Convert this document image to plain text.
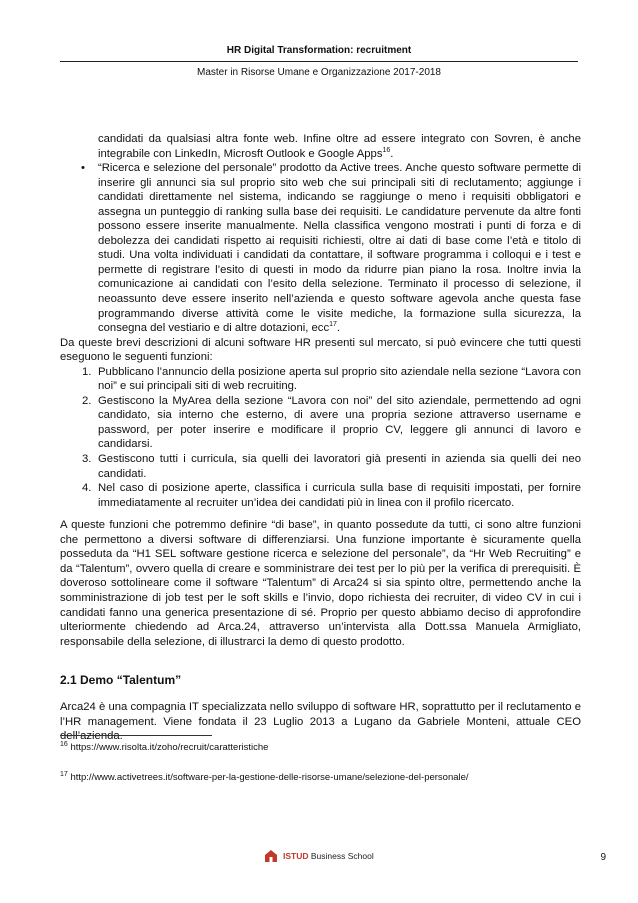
HR Digital Transformation: recruitment
Master in Risorse Umane e Organizzazione 2017-2018

candidati da qualsiasi altra fonte web. Infine oltre ad essere integrato con Sovren, è anche integrabile con LinkedIn, Microsft Outlook e Google Apps$^{16}$.

• “Ricerca e selezione del personale” prodotto da Active trees. Anche questo software permette di inserire gli annunci sia sul proprio sito web che sui principali siti di reclutamento; aggiunge i candidati direttamente nel sistema, indicando se raggiunge o meno i requisiti obbligatori e assegna un punteggio di ranking sulla base dei requisiti. Le candidature pervenute da altre fonti possono essere inserite manualmente. Nella classifica vengono mostrati i punti di forza e di debolezza dei candidati rispetto ai requisiti richiesti, oltre ai dati di base come l’età e titolo di studi. Una volta individuati i candidati da contattare, il software programma i colloqui e i test e permette di registrare l’esito di questi in modo da ridurre pian piano la rosa. Inoltre invia la comunicazione ai candidati con l’esito della selezione. Terminato il processo di selezione, il neoassunto deve essere inserito nell’azienda e questo software agevola anche questa fase programmando diverse attività come le visite mediche, la formazione sulla sicurezza, la consegna del vestiario e di altre dotazioni, ecc$^{17}$.

Da queste brevi descrizioni di alcuni software HR presenti sul mercato, si può evincere che tutti questi eseguono le seguenti funzioni:

1. Pubblicano l’annuncio della posizione aperta sul proprio sito aziendale nella sezione “Lavora con noi” e sui principali siti di web recruiting.
2. Gestiscono la MyArea della sezione “Lavora con noi” del sito aziendale, permettendo ad ogni candidato, sia interno che esterno, di avere una propria sezione attraverso username e password, per poter inserire e modificare il proprio CV, leggere gli annunci di lavoro e candidarsi.
3. Gestiscono tutti i curricula, sia quelli dei lavoratori già presenti in azienda sia quelli dei neo candidati.
4. Nel caso di posizione aperte, classifica i curricula sulla base di requisiti impostati, per fornire immediatamente al recruiter un’idea dei candidati più in linea con il profilo ricercato.

A queste funzioni che potremmo definire “di base”, in quanto possedute da tutti, ci sono altre funzioni che permettono a diversi software di differenziarsi. Una funzione importante è sicuramente quella posseduta da “H1 SEL software gestione ricerca e selezione del personale”, da “Hr Web Recruiting” e da “Talentum”, ovvero quella di creare e somministrare dei test per lo più per la verifica di prerequisiti. È doveroso sottolineare come il software “Talentum” di Arca24 si sia spinto oltre, permettendo anche la somministrazione di job test per le soft skills e l’invio, dopo richiesta dei recruiter, di video CV in cui i candidati fanno una generica presentazione di sé. Proprio per questo abbiamo deciso di approfondire ulteriormente chiedendo ad Arca.24, attraverso un’intervista alla Dott.ssa Manuela Armigliato, responsabile della selezione, di illustrarci la demo di questo prodotto.

2.1 Demo “Talentum”

Arca24 è una compagnia IT specializzata nello sviluppo di software HR, soprattutto per il reclutamento e l’HR management. Viene fondata il 23 Luglio 2013 a Lugano da Gabriele Monteni, attuale CEO dell’azienda.

$^{16}$ https://www.risolta.it/zoho/recruit/caratteristiche

$^{17}$ http://www.activetrees.it/software-per-la-gestione-delle-risorse-umane/selezione-del-personale/

ISTUD Business School	9
